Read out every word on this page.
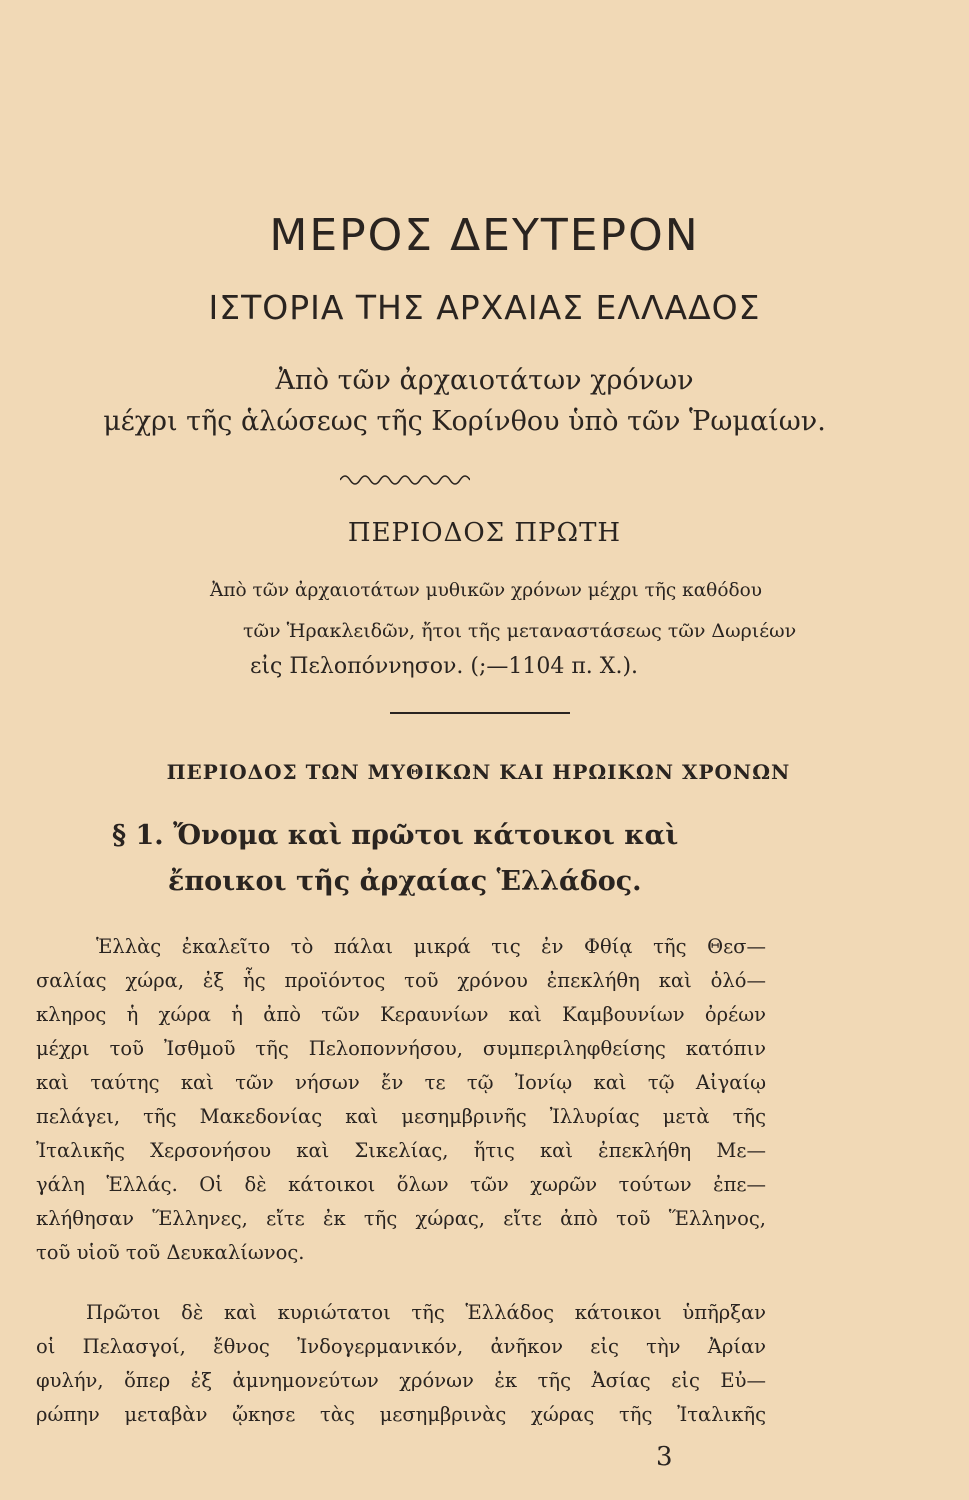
ΜΕΡΟΣ ΔΕΥΤΕΡΟΝ
ΙΣΤΟΡΙΑ ΤΗΣ ΑΡΧΑΙΑΣ ΕΛΛΑΔΟΣ
Ἀπὸ τῶν ἀρχαιοτάτων χρόνων
μέχρι τῆς ἁλώσεως τῆς Κορίνθου ὑπὸ τῶν Ῥωμαίων.
ΠΕΡΙΟΔΟΣ ΠΡΩΤΗ
Ἀπὸ τῶν ἀρχαιοτάτων μυθικῶν χρόνων μέχρι τῆς καθόδου
τῶν Ἡρακλειδῶν, ἤτοι τῆς μεταναστάσεως τῶν Δωριέων
εἰς Πελοπόννησον. (;—1104 π. Χ.).
ΠΕΡΙΟΔΟΣ ΤΩΝ ΜΥΘΙΚΩΝ ΚΑΙ ΗΡΩΙΚΩΝ ΧΡΟΝΩΝ
§ 1. Ὄνομα καὶ πρῶτοι κάτοικοι καὶ
ἔποικοι τῆς ἀρχαίας Ἑλλάδος.
Ἑλλὰς ἐκαλεῖτο τὸ πάλαι μικρά τις ἐν Φθίᾳ τῆς Θεσ—
σαλίας χώρα, ἐξ ἧς προϊόντος τοῦ χρόνου ἐπεκλήθη καὶ ὁλό—
κληρος ἡ χώρα ἡ ἀπὸ τῶν Κεραυνίων καὶ Καμβουνίων ὀρέων
μέχρι τοῦ Ἰσθμοῦ τῆς Πελοποννήσου, συμπεριληφθείσης κατόπιν
καὶ ταύτης καὶ τῶν νήσων ἔν τε τῷ Ἰονίῳ καὶ τῷ Αἰγαίῳ
πελάγει, τῆς Μακεδονίας καὶ μεσημβρινῆς Ἰλλυρίας μετὰ τῆς
Ἰταλικῆς Χερσονήσου καὶ Σικελίας, ἥτις καὶ ἐπεκλήθη Με—
γάλη Ἑλλάς. Οἱ δὲ κάτοικοι ὅλων τῶν χωρῶν τούτων ἐπε—
κλήθησαν Ἕλληνες, εἴτε ἐκ τῆς χώρας, εἴτε ἀπὸ τοῦ Ἕλληνος,
τοῦ υἱοῦ τοῦ Δευκαλίωνος.
Πρῶτοι δὲ καὶ κυριώτατοι τῆς Ἑλλάδος κάτοικοι ὑπῆρξαν
οἱ Πελασγοί, ἔθνος Ἰνδογερμανικόν, ἀνῆκον εἰς τὴν Ἀρίαν
φυλήν, ὅπερ ἐξ ἀμνημονεύτων χρόνων ἐκ τῆς Ἀσίας εἰς Εὐ—
ρώπην μεταβὰν ᾤκησε τὰς μεσημβρινὰς χώρας τῆς Ἰταλικῆς
3
